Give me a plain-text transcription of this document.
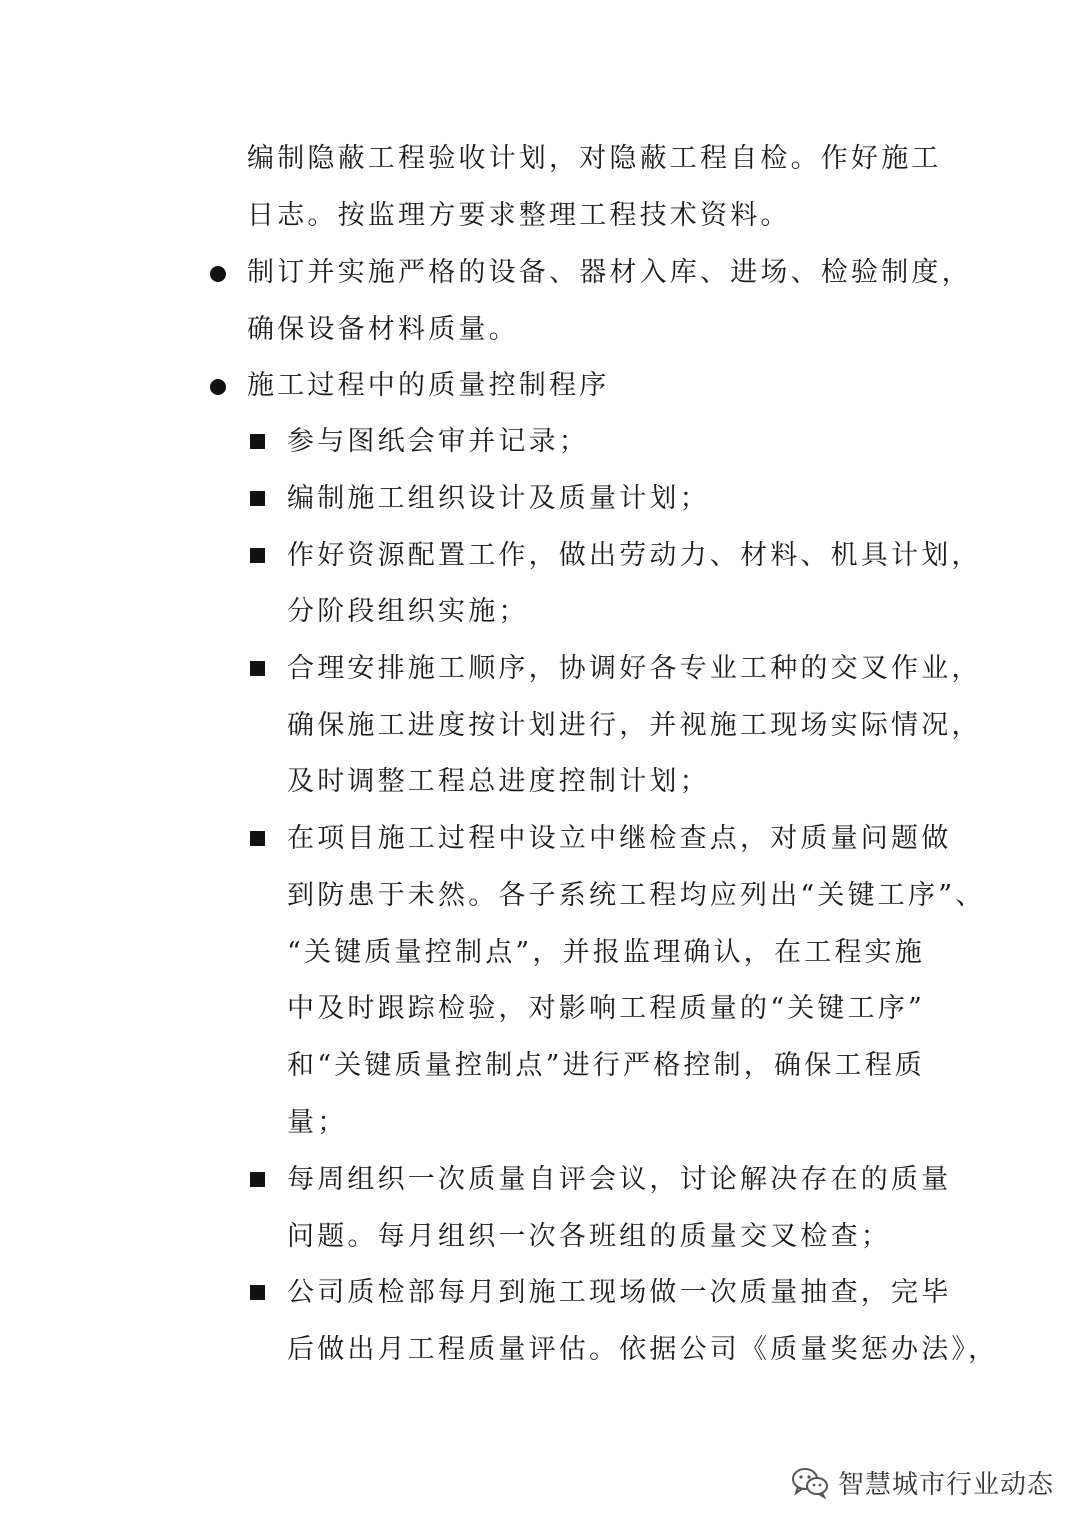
编制隐蔽工程验收计划，对隐蔽工程自检。作好施工
日志。按监理方要求整理工程技术资料。
制订并实施严格的设备、器材入库、进场、检验制度，
确保设备材料质量。
施工过程中的质量控制程序
参与图纸会审并记录；
编制施工组织设计及质量计划；
作好资源配置工作，做出劳动力、材料、机具计划，
分阶段组织实施；
合理安排施工顺序，协调好各专业工种的交叉作业，
确保施工进度按计划进行，并视施工现场实际情况，
及时调整工程总进度控制计划；
在项目施工过程中设立中继检查点，对质量问题做
到防患于未然。各子系统工程均应列出“关键工序”、
“关键质量控制点”，并报监理确认，在工程实施
中及时跟踪检验，对影响工程质量的“关键工序”
和“关键质量控制点”进行严格控制，确保工程质
量；
每周组织一次质量自评会议，讨论解决存在的质量
问题。每月组织一次各班组的质量交叉检查；
公司质检部每月到施工现场做一次质量抽查，完毕
后做出月工程质量评估。依据公司《质量奖惩办法》，
智慧城市行业动态
